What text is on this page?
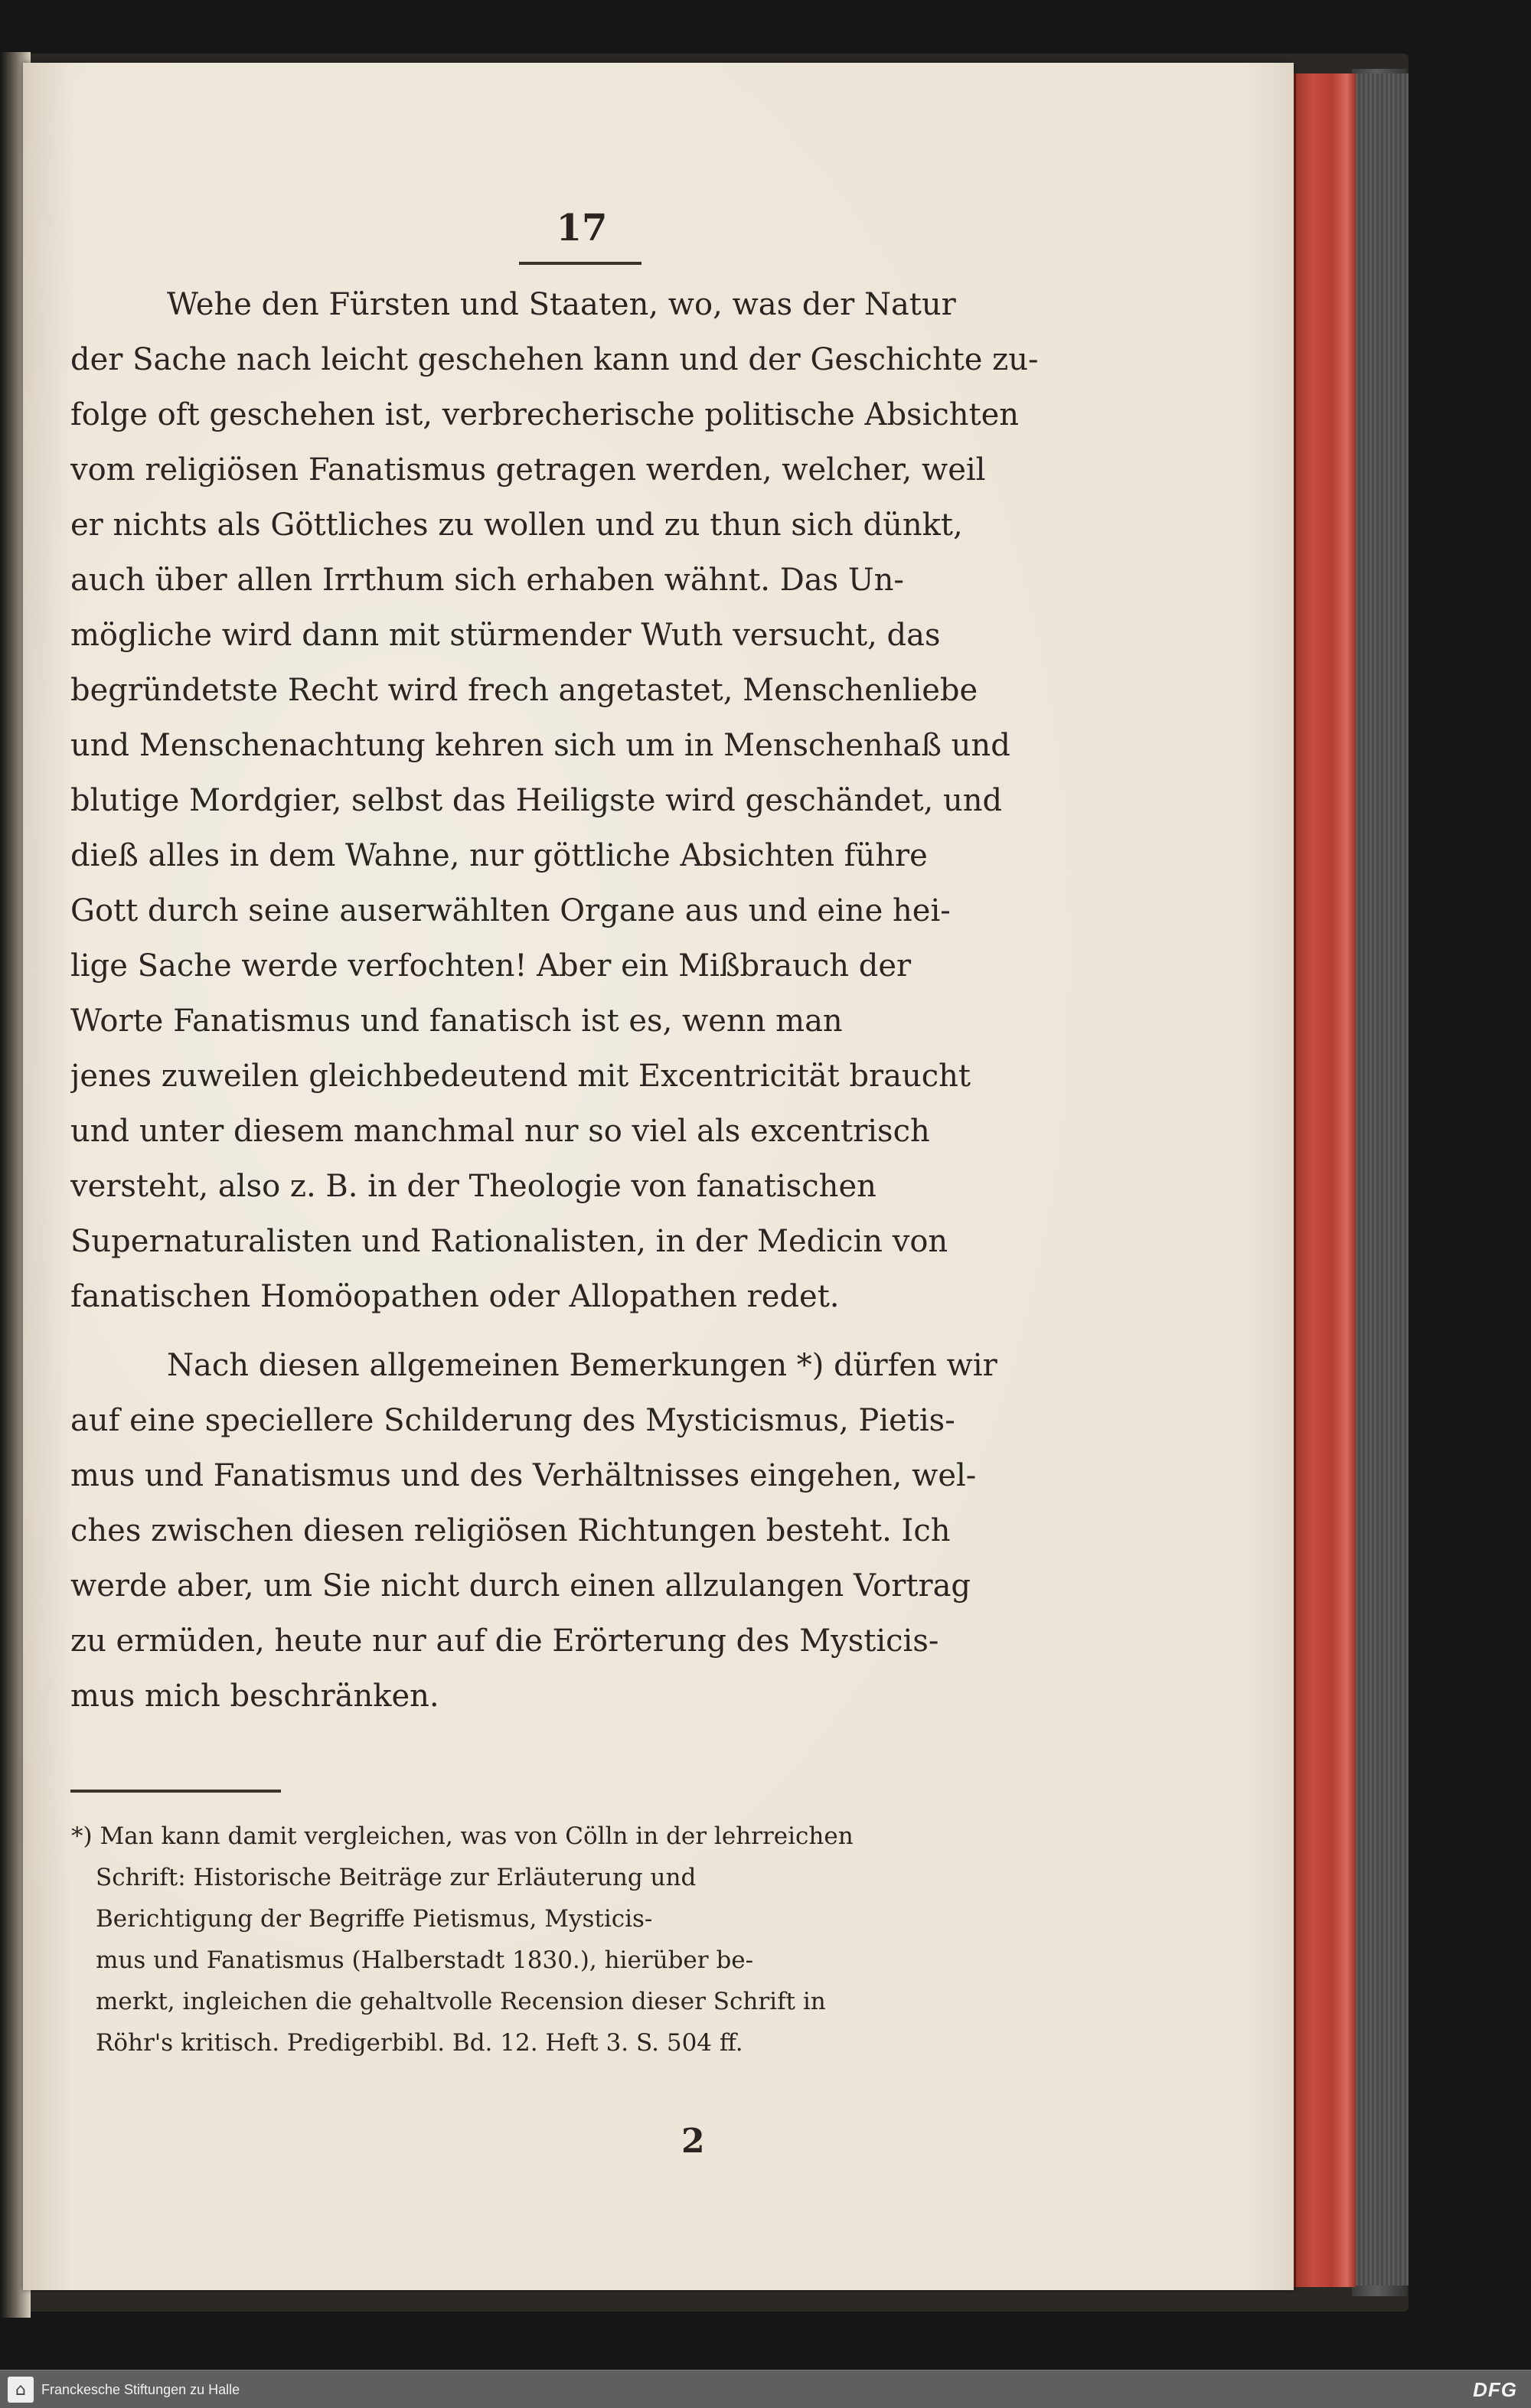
17
Wehe den Fürsten und Staaten, wo, was der Natur
der Sache nach leicht geschehen kann und der Geschichte zu-
folge oft geschehen ist, verbrecherische politische Absichten
vom religiösen Fanatismus getragen werden, welcher, weil
er nichts als Göttliches zu wollen und zu thun sich dünkt,
auch über allen Irrthum sich erhaben wähnt. Das Un-
mögliche wird dann mit stürmender Wuth versucht, das
begründetste Recht wird frech angetastet, Menschenliebe
und Menschenachtung kehren sich um in Menschenhaß und
blutige Mordgier, selbst das Heiligste wird geschändet, und
dieß alles in dem Wahne, nur göttliche Absichten führe
Gott durch seine auserwählten Organe aus und eine hei-
lige Sache werde verfochten! Aber ein Mißbrauch der
Worte Fanatismus und fanatisch ist es, wenn man
jenes zuweilen gleichbedeutend mit Excentricität braucht
und unter diesem manchmal nur so viel als excentrisch
versteht, also z. B. in der Theologie von fanatischen
Supernaturalisten und Rationalisten, in der Medicin von
fanatischen Homöopathen oder Allopathen redet.
Nach diesen allgemeinen Bemerkungen *) dürfen wir
auf eine speciellere Schilderung des Mysticismus, Pietis-
mus und Fanatismus und des Verhältnisses eingehen, wel-
ches zwischen diesen religiösen Richtungen besteht. Ich
werde aber, um Sie nicht durch einen allzulangen Vortrag
zu ermüden, heute nur auf die Erörterung des Mysticis-
mus mich beschränken.
*) Man kann damit vergleichen, was von Cölln in der lehrreichen
Schrift: Historische Beiträge zur Erläuterung und
Berichtigung der Begriffe Pietismus, Mysticis-
mus und Fanatismus (Halberstadt 1830.), hierüber be-
merkt, ingleichen die gehaltvolle Recension dieser Schrift in
Röhr's kritisch. Predigerbibl. Bd. 12. Heft 3. S. 504 ff.
2
⌂	Franckesche Stiftungen zu Halle	DFG
